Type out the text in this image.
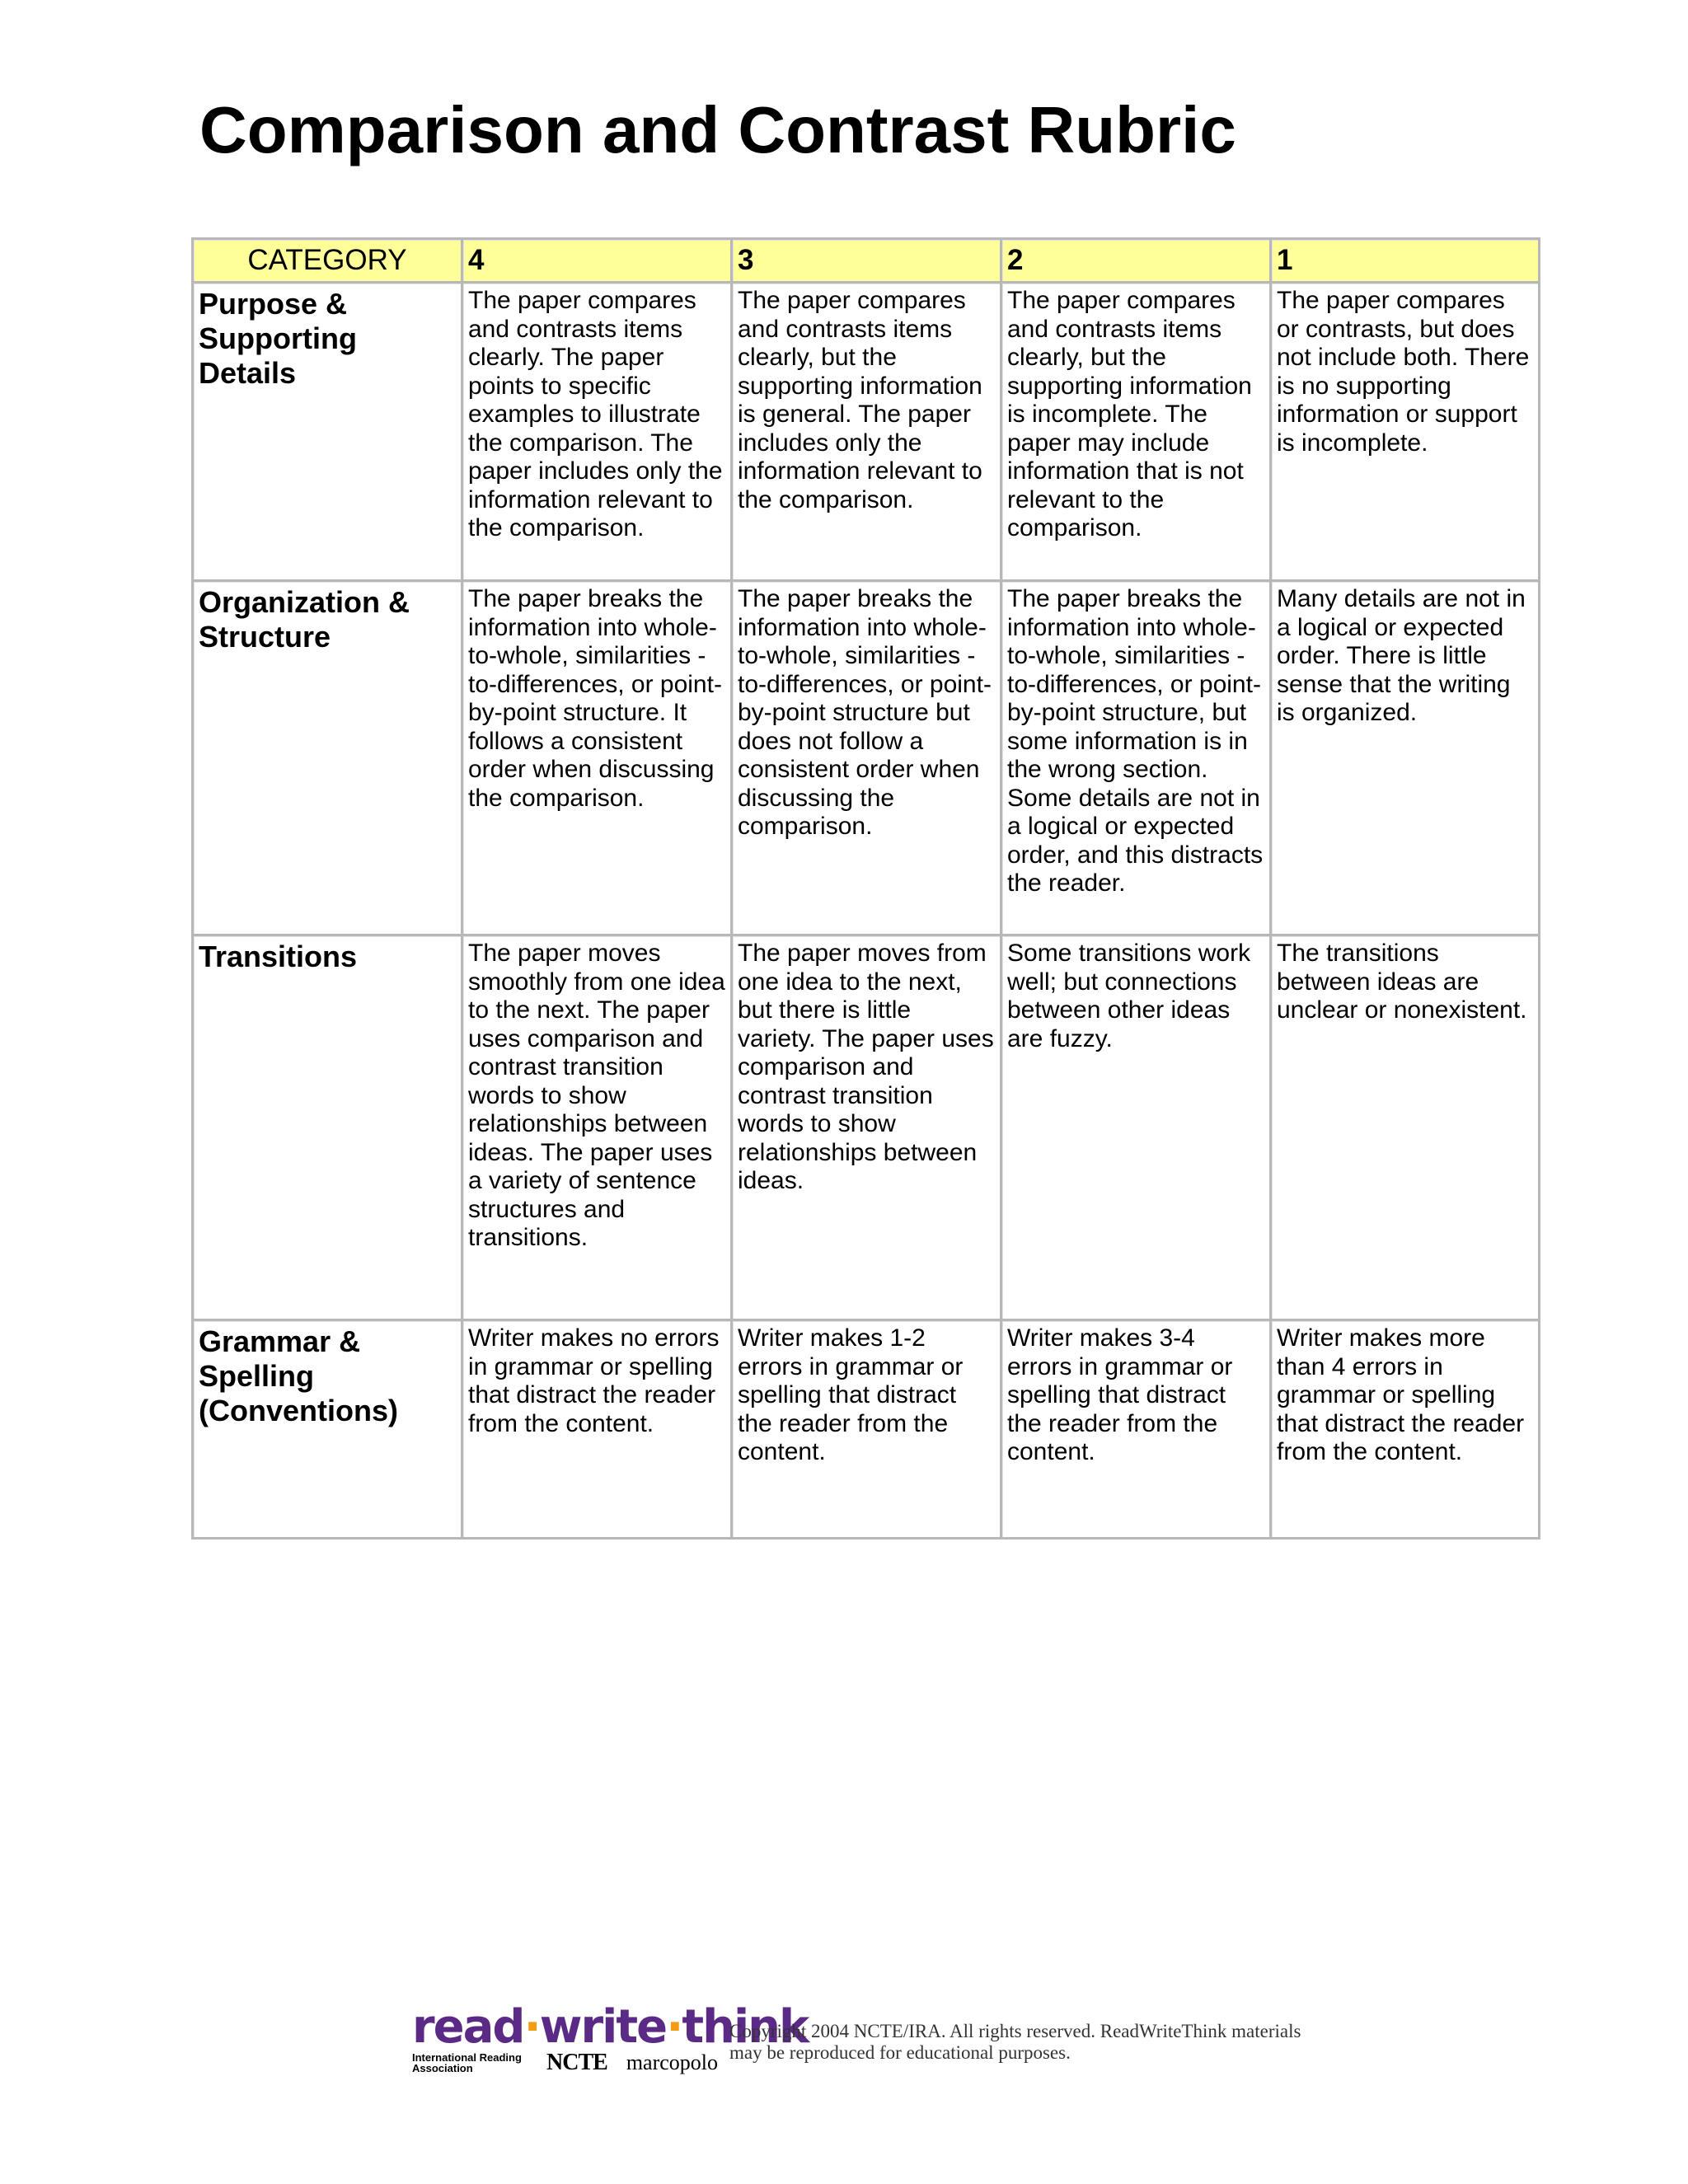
Comparison and Contrast Rubric
CATEGORY	4	3	2	1
Purpose & Supporting Details	The paper compares and contrasts items clearly. The paper points to specific examples to illustrate the comparison. The paper includes only the information relevant to the comparison.	The paper compares and contrasts items clearly, but the supporting information is general. The paper includes only the information relevant to the comparison.	The paper compares and contrasts items clearly, but the supporting information is incomplete. The paper may include information that is not relevant to the comparison.	The paper compares or contrasts, but does not include both. There is no supporting information or support is incomplete.
Organization & Structure	The paper breaks the information into whole-to-whole, similarities -to-differences, or point-by-point structure. It follows a consistent order when discussing the comparison.	The paper breaks the information into whole-to-whole, similarities -to-differences, or point-by-point structure but does not follow a consistent order when discussing the comparison.	The paper breaks the information into whole-to-whole, similarities -to-differences, or point-by-point structure, but some information is in the wrong section. Some details are not in a logical or expected order, and this distracts the reader.	Many details are not in a logical or expected order. There is little sense that the writing is organized.
Transitions	The paper moves smoothly from one idea to the next. The paper uses comparison and contrast transition words to show relationships between ideas. The paper uses a variety of sentence structures and transitions.	The paper moves from one idea to the next, but there is little variety. The paper uses comparison and contrast transition words to show relationships between ideas.	Some transitions work well; but connections between other ideas are fuzzy.	The transitions between ideas are unclear or nonexistent.
Grammar & Spelling (Conventions)	Writer makes no errors in grammar or spelling that distract the reader from the content.	Writer makes 1-2 errors in grammar or spelling that distract the reader from the content.	Writer makes 3-4 errors in grammar or spelling that distract the reader from the content.	Writer makes more than 4 errors in grammar or spelling that distract the reader from the content.
read·write·think
International Reading Association	NCTE marcopolo
Copyright 2004 NCTE/IRA. All rights reserved. ReadWriteThink materials may be reproduced for educational purposes.
